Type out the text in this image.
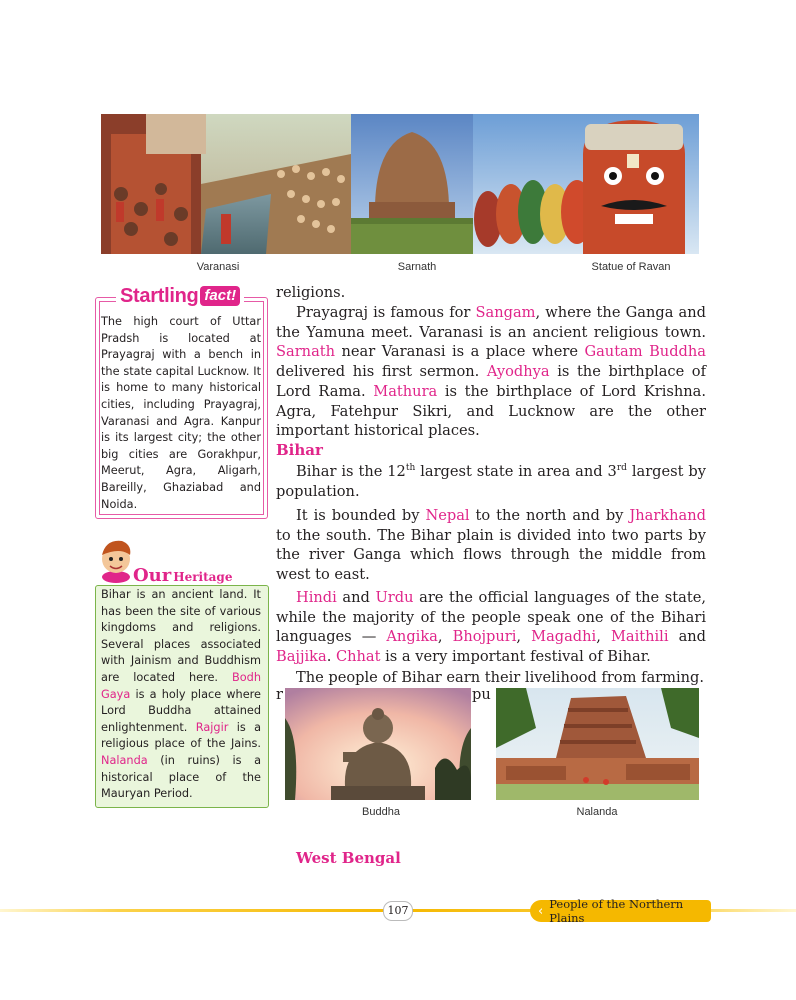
Varanasi	Sarnath	Statue of Ravan
Startling fact!
The high court of Uttar Pradsh is located at Prayagraj with a bench in the state capital Lucknow. It is home to many historical cities, including Prayagraj, Varanasi and Agra. Kanpur is its largest city; the other big cities are Gorakhpur, Meerut, Agra, Aligarh, Bareilly, Ghaziabad and Noida.
Our Heritage
Bihar is an ancient land. It has been the site of various kingdoms and religions. Several places associated with Jainism and Buddhism are located here. Bodh Gaya is a holy place where Lord Buddha attained enlightenment. Rajgir is a religious place of the Jains. Nalanda (in ruins) is a historical place of the Mauryan Period.
religions.

Prayagraj is famous for Sangam, where the Ganga and the Yamuna meet. Varanasi is an ancient religious town. Sarnath near Varanasi is a place where Gautam Buddha delivered his first sermon. Ayodhya is the birthplace of Lord Rama. Mathura is the birthplace of Lord Krishna. Agra, Fatehpur Sikri, and Lucknow are the other important historical places.

Bihar

Bihar is the 12th largest state in area and 3rd largest by population.

It is bounded by Nepal to the north and by Jharkhand to the south. The Bihar plain is divided into two parts by the river Ganga which flows through the middle from west to east.

Hindi and Urdu are the official languages of the state, while the majority of the people speak one of the Bihari languages — Angika, Bhojpuri, Magadhi, Maithili and Bajjika. Chhat is a very important festival of Bihar.

The people of Bihar earn their livelihood from farming.

r	pu
Buddha	Nalanda
West Bengal
107	‹ People of the Northern Plains
